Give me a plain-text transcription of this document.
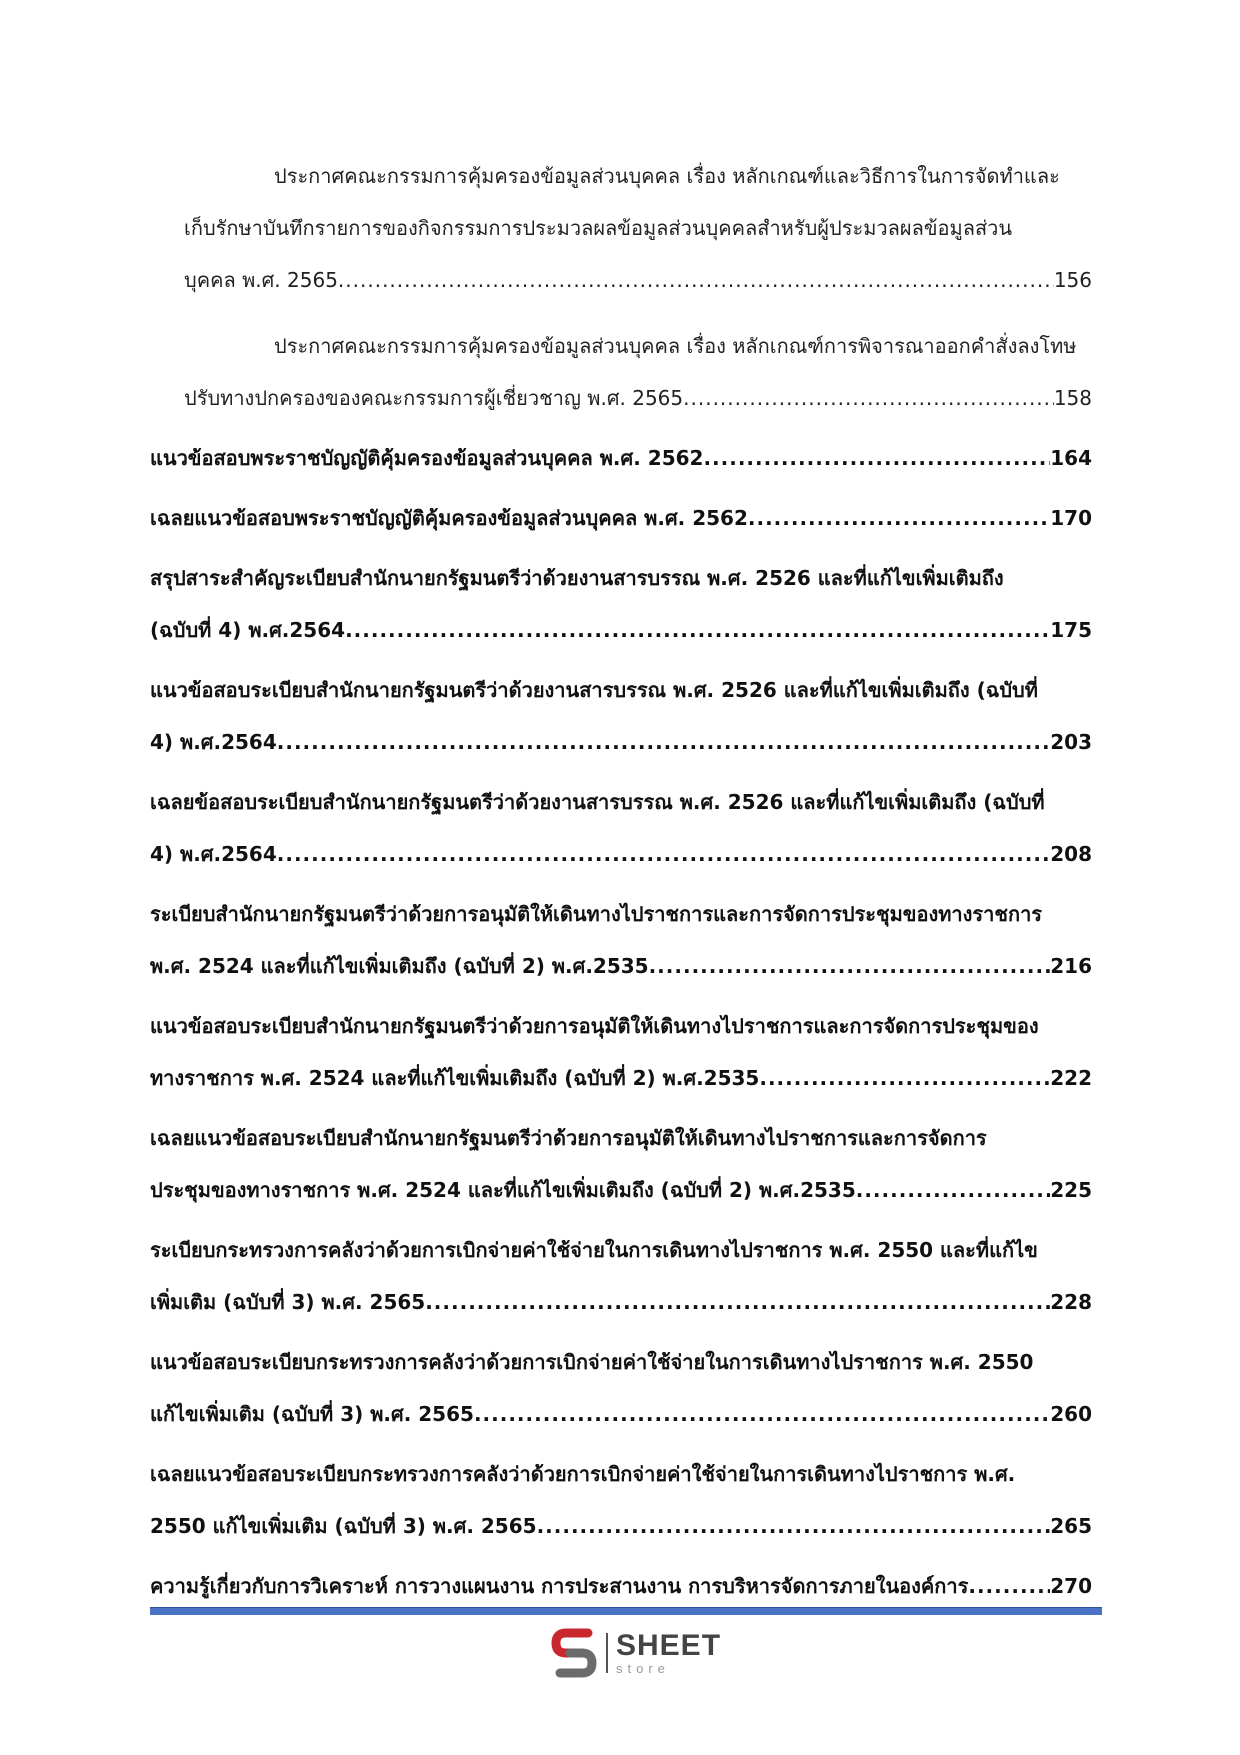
ประกาศคณะกรรมการคุ้มครองข้อมูลส่วนบุคคล เรื่อง หลักเกณฑ์และวิธีการในการจัดทำและ
เก็บรักษาบันทึกรายการของกิจกรรมการประมวลผลข้อมูลส่วนบุคคลสำหรับผู้ประมวลผลข้อมูลส่วน
บุคคล พ.ศ. 2565 .....	156
ประกาศคณะกรรมการคุ้มครองข้อมูลส่วนบุคคล เรื่อง หลักเกณฑ์การพิจารณาออกคำสั่งลงโทษ
ปรับทางปกครองของคณะกรรมการผู้เชี่ยวชาญ พ.ศ. 2565 .....	158
แนวข้อสอบพระราชบัญญัติคุ้มครองข้อมูลส่วนบุคคล พ.ศ. 2562 .....	164
เฉลยแนวข้อสอบพระราชบัญญัติคุ้มครองข้อมูลส่วนบุคคล พ.ศ. 2562 .....	170
สรุปสาระสำคัญระเบียบสำนักนายกรัฐมนตรีว่าด้วยงานสารบรรณ พ.ศ. 2526 และที่แก้ไขเพิ่มเติมถึง
(ฉบับที่ 4) พ.ศ.2564 .....	175
แนวข้อสอบระเบียบสำนักนายกรัฐมนตรีว่าด้วยงานสารบรรณ พ.ศ. 2526 และที่แก้ไขเพิ่มเติมถึง (ฉบับที่
4) พ.ศ.2564 .....	203
เฉลยข้อสอบระเบียบสำนักนายกรัฐมนตรีว่าด้วยงานสารบรรณ พ.ศ. 2526 และที่แก้ไขเพิ่มเติมถึง (ฉบับที่
4) พ.ศ.2564 .....	208
ระเบียบสำนักนายกรัฐมนตรีว่าด้วยการอนุมัติให้เดินทางไปราชการและการจัดการประชุมของทางราชการ
พ.ศ. 2524 และที่แก้ไขเพิ่มเติมถึง (ฉบับที่ 2) พ.ศ.2535 .....	216
แนวข้อสอบระเบียบสำนักนายกรัฐมนตรีว่าด้วยการอนุมัติให้เดินทางไปราชการและการจัดการประชุมของ
ทางราชการ พ.ศ. 2524 และที่แก้ไขเพิ่มเติมถึง (ฉบับที่ 2) พ.ศ.2535 .....	222
เฉลยแนวข้อสอบระเบียบสำนักนายกรัฐมนตรีว่าด้วยการอนุมัติให้เดินทางไปราชการและการจัดการ
ประชุมของทางราชการ พ.ศ. 2524 และที่แก้ไขเพิ่มเติมถึง (ฉบับที่ 2) พ.ศ.2535 .....	225
ระเบียบกระทรวงการคลังว่าด้วยการเบิกจ่ายค่าใช้จ่ายในการเดินทางไปราชการ พ.ศ. 2550 และที่แก้ไข
เพิ่มเติม (ฉบับที่ 3) พ.ศ. 2565 .....	228
แนวข้อสอบระเบียบกระทรวงการคลังว่าด้วยการเบิกจ่ายค่าใช้จ่ายในการเดินทางไปราชการ พ.ศ. 2550
แก้ไขเพิ่มเติม (ฉบับที่ 3) พ.ศ. 2565 .....	260
เฉลยแนวข้อสอบระเบียบกระทรวงการคลังว่าด้วยการเบิกจ่ายค่าใช้จ่ายในการเดินทางไปราชการ พ.ศ.
2550 แก้ไขเพิ่มเติม (ฉบับที่ 3) พ.ศ. 2565 .....	265
ความรู้เกี่ยวกับการวิเคราะห์ การวางแผนงาน การประสานงาน การบริหารจัดการภายในองค์การ .....	270
SHEET
store
